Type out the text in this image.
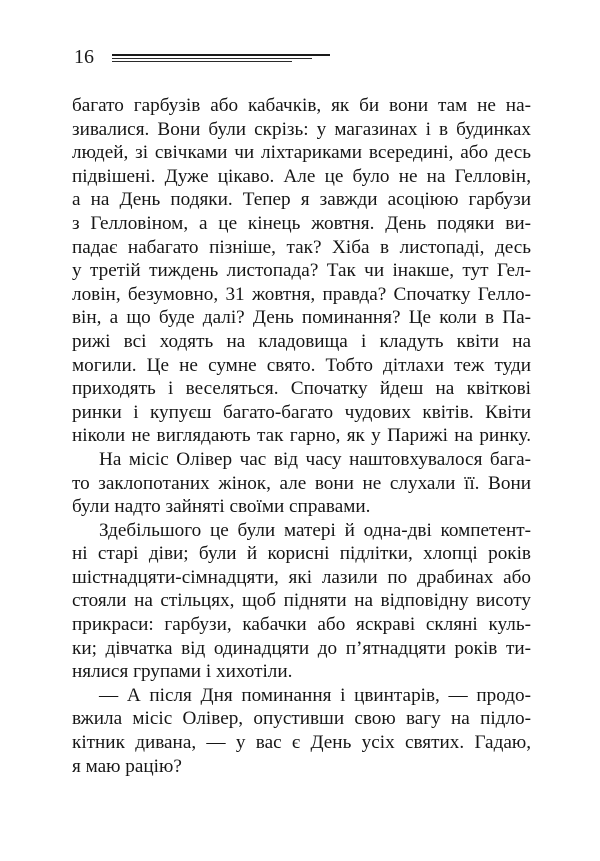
16
багато гарбузів або кабачків, як би вони там не на-
зивалися. Вони були скрізь: у магазинах і в будинках
людей, зі свічками чи ліхтариками всередині, або десь
підвішені. Дуже цікаво. Але це було не на Гелловін,
а на День подяки. Тепер я завжди асоціюю гарбузи
з Гелловіном, а це кінець жовтня. День подяки ви-
падає набагато пізніше, так? Хіба в листопаді, десь
у третій тиждень листопада? Так чи інакше, тут Гел-
ловін, безумовно, 31 жовтня, правда? Спочатку Гелло-
він, а що буде далі? День поминання? Це коли в Па-
рижі всі ходять на кладовища і кладуть квіти на
могили. Це не сумне свято. Тобто дітлахи теж туди
приходять і веселяться. Спочатку йдеш на квіткові
ринки і купуєш багато-багато чудових квітів. Квіти
ніколи не виглядають так гарно, як у Парижі на ринку.
На місіс Олівер час від часу наштовхувалося бага-
то заклопотаних жінок, але вони не слухали її. Вони
були надто зайняті своїми справами.
Здебільшого це були матері й одна-дві компетент-
ні старі діви; були й корисні підлітки, хлопці років
шістнадцяти-сімнадцяти, які лазили по драбинах або
стояли на стільцях, щоб підняти на відповідну висоту
прикраси: гарбузи, кабачки або яскраві скляні куль-
ки; дівчатка від одинадцяти до п’ятнадцяти років ти-
нялися групами і хихотіли.
— А після Дня поминання і цвинтарів, — продо-
вжила місіс Олівер, опустивши свою вагу на підло-
кітник дивана, — у вас є День усіх святих. Гадаю,
я маю рацію?
